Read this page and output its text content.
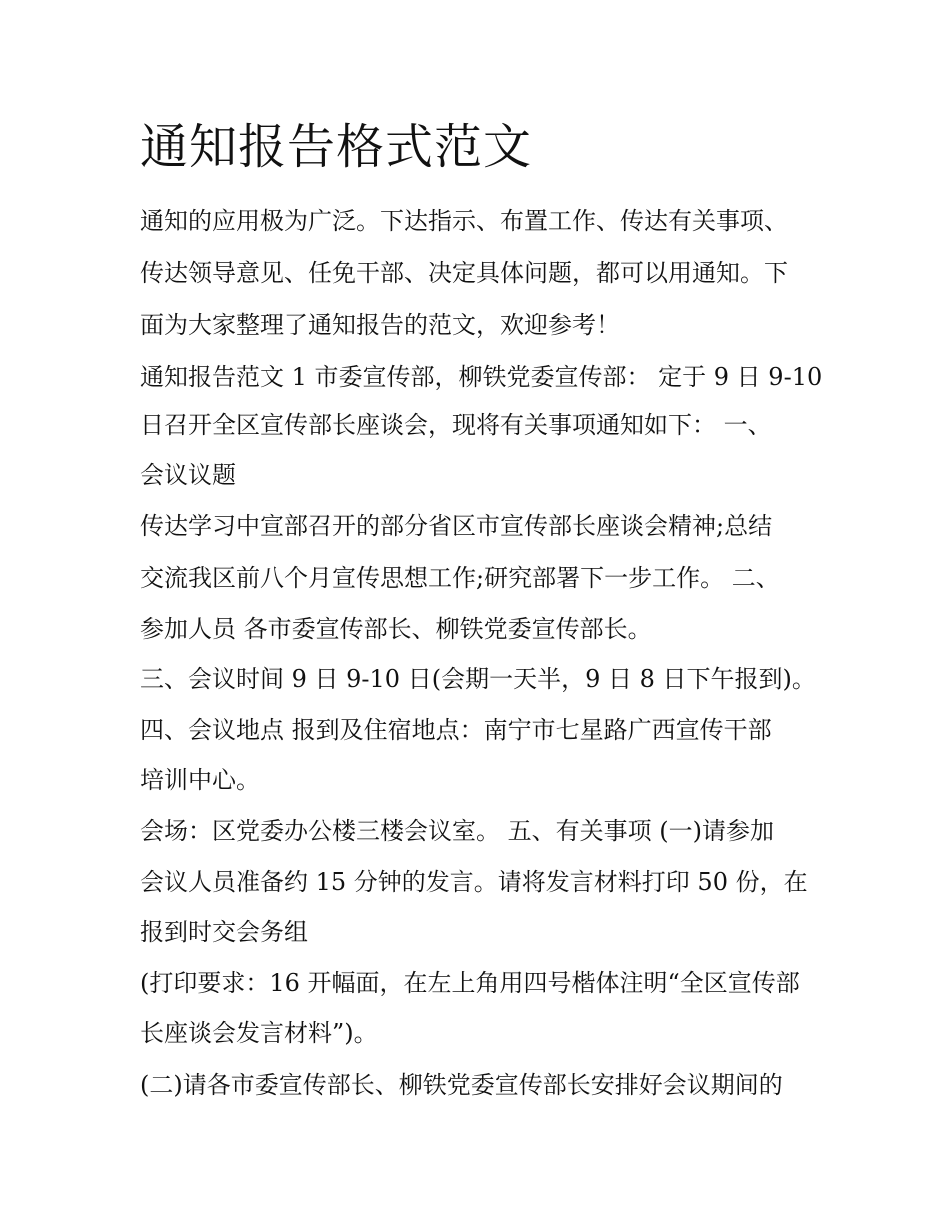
通知报告格式范文

通知的应用极为广泛。下达指示、布置工作、传达有关事项、

传达领导意见、任免干部、决定具体问题，都可以用通知。下

面为大家整理了通知报告的范文，欢迎参考！

通知报告范文 1 市委宣传部，柳铁党委宣传部： 定于 9 日 9-10

日召开全区宣传部长座谈会，现将有关事项通知如下： 一、

会议议题

传达学习中宣部召开的部分省区市宣传部长座谈会精神;总结

交流我区前八个月宣传思想工作;研究部署下一步工作。 二、

参加人员 各市委宣传部长、柳铁党委宣传部长。

三、会议时间 9 日 9-10 日(会期一天半，9 日 8 日下午报到)。

四、会议地点 报到及住宿地点：南宁市七星路广西宣传干部

培训中心。

会场：区党委办公楼三楼会议室。 五、有关事项 (一)请参加

会议人员准备约 15 分钟的发言。请将发言材料打印 50 份，在

报到时交会务组

(打印要求：16 开幅面，在左上角用四号楷体注明“全区宣传部

长座谈会发言材料”)。

(二)请各市委宣传部长、柳铁党委宣传部长安排好会议期间的
